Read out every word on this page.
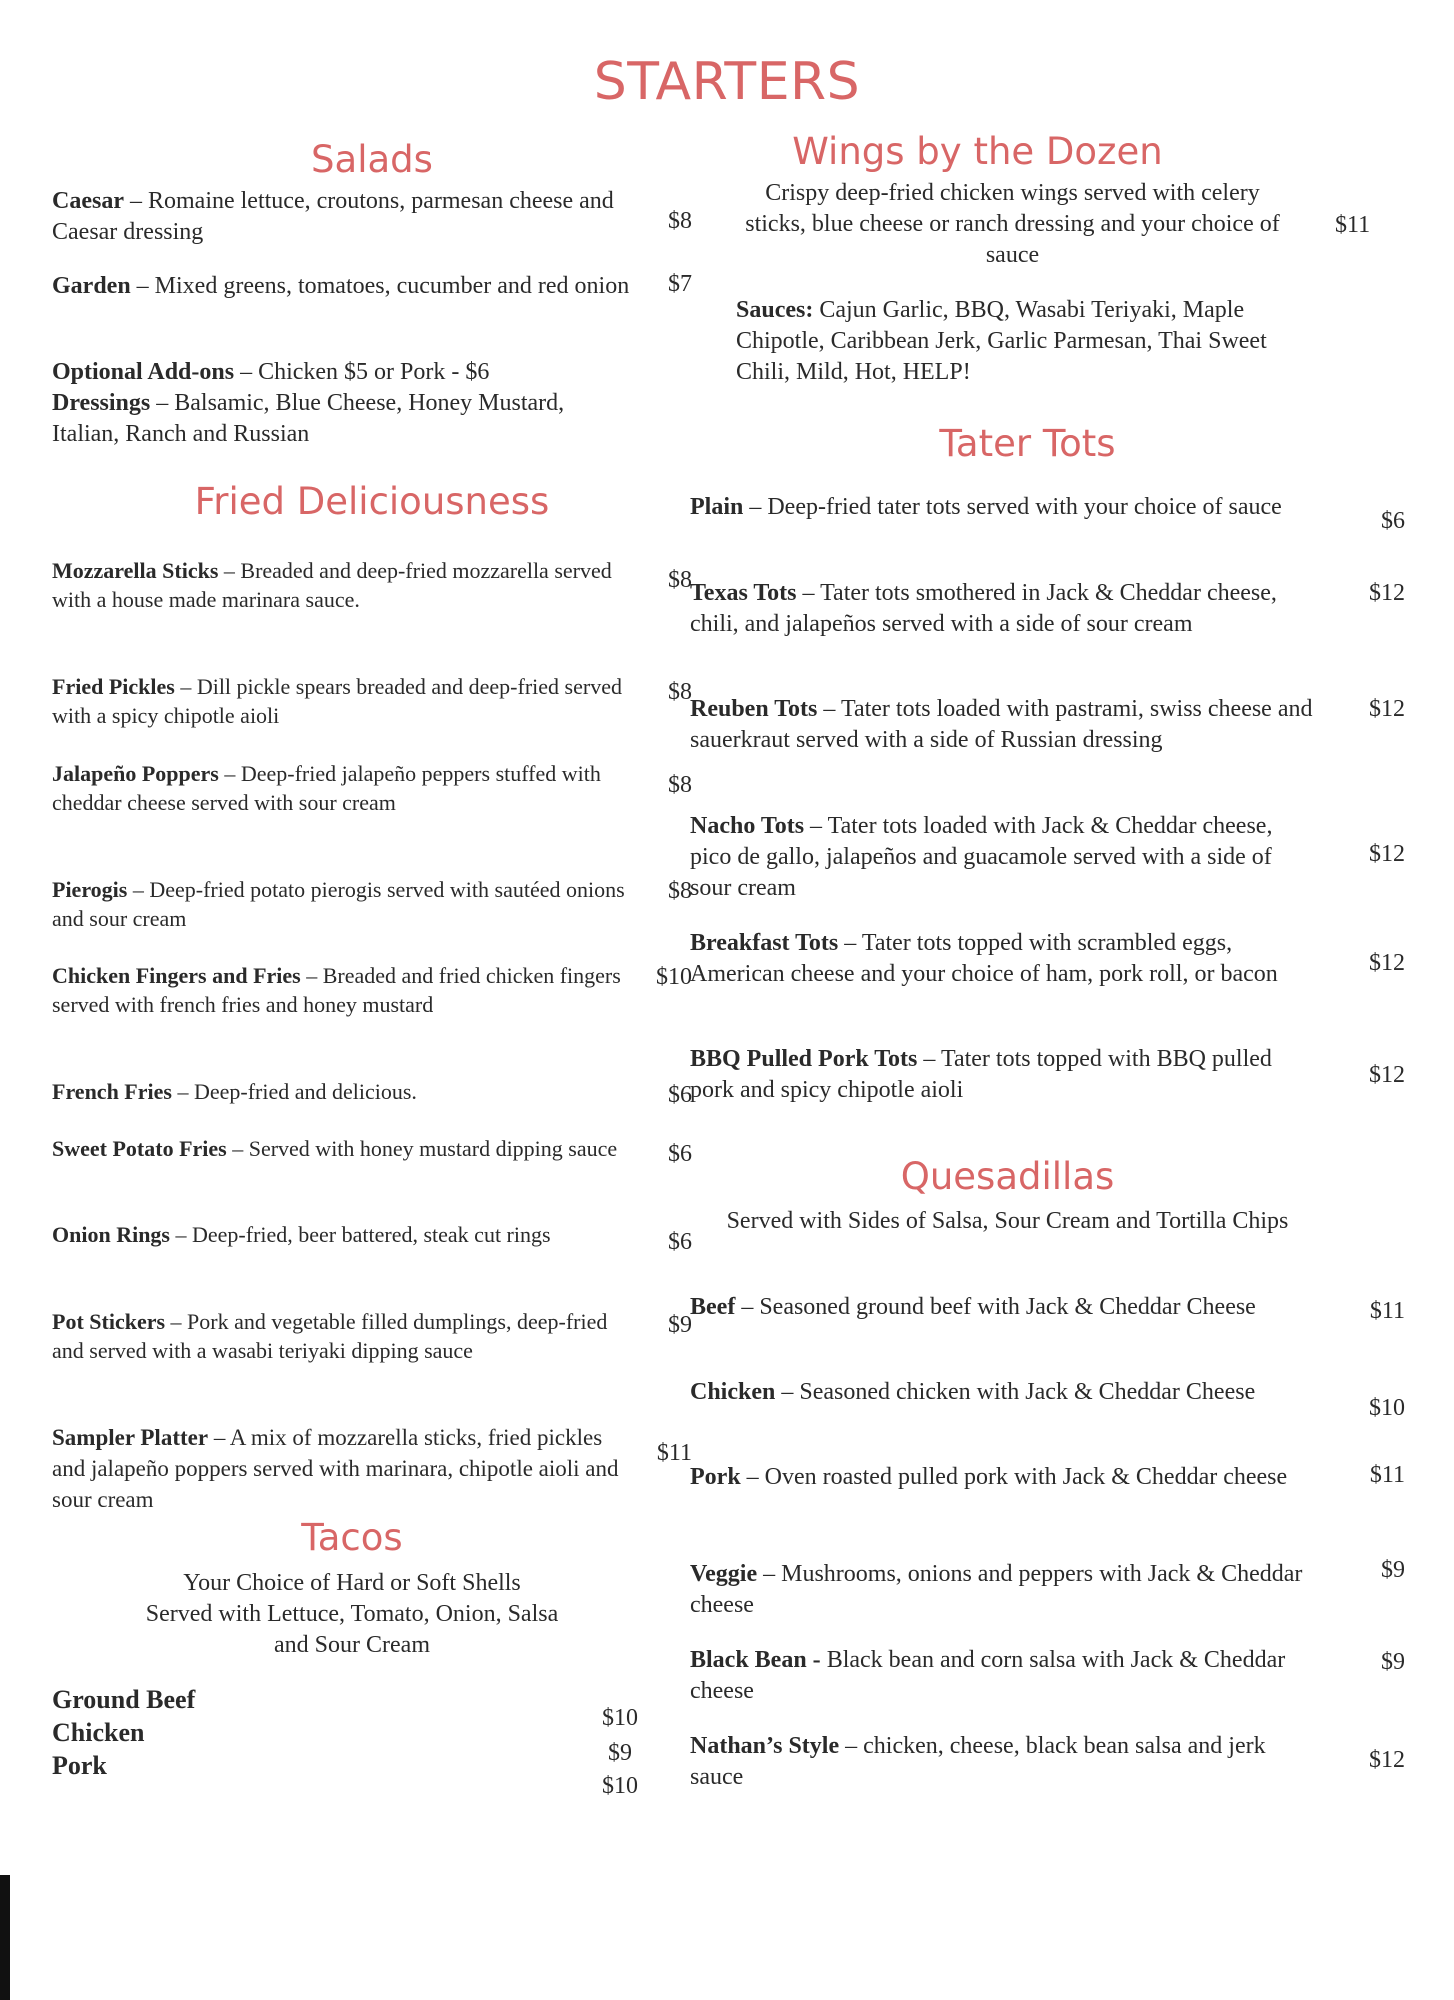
STARTERS
Salads
Caesar – Romaine lettuce, croutons, parmesan cheese and Caesar dressing	$8
Garden – Mixed greens, tomatoes, cucumber and red onion	$7
Optional Add-ons – Chicken $5 or Pork - $6
Dressings – Balsamic, Blue Cheese, Honey Mustard, Italian, Ranch and Russian
Fried Deliciousness
Mozzarella Sticks – Breaded and deep-fried mozzarella served with a house made marinara sauce.
$8
Fried Pickles – Dill pickle spears breaded and deep-fried served with a spicy chipotle aioli
$8
Jalapeño Poppers – Deep-fried jalapeño peppers stuffed with cheddar cheese served with sour cream
$8
Pierogis – Deep-fried potato pierogis served with sautéed onions and sour cream
$8
Chicken Fingers and Fries – Breaded and fried chicken fingers served with french fries and honey mustard
$10
French Fries – Deep-fried and delicious.	$6
Sweet Potato Fries – Served with honey mustard dipping sauce	$6
Onion Rings – Deep-fried, beer battered, steak cut rings	$6
Pot Stickers – Pork and vegetable filled dumplings, deep-fried and served with a wasabi teriyaki dipping sauce
$9
Sampler Platter – A mix of mozzarella sticks, fried pickles and jalapeño poppers served with marinara, chipotle aioli and sour cream
$11
Tacos
Your Choice of Hard or Soft Shells
Served with Lettuce, Tomato, Onion, Salsa
and Sour Cream
Ground Beef
$10
Chicken
$9
Pork
$10
Wings by the Dozen
Crispy deep-fried chicken wings served with celery sticks, blue cheese or ranch dressing and your choice of sauce
$11
Sauces: Cajun Garlic, BBQ, Wasabi Teriyaki, Maple Chipotle, Caribbean Jerk, Garlic Parmesan, Thai Sweet Chili, Mild, Hot, HELP!
Tater Tots
Plain – Deep-fried tater tots served with your choice of sauce
$6
Texas Tots – Tater tots smothered in Jack & Cheddar cheese, chili, and jalapeños served with a side of sour cream
$12
Reuben Tots – Tater tots loaded with pastrami, swiss cheese and sauerkraut served with a side of Russian dressing
$12
Nacho Tots – Tater tots loaded with Jack & Cheddar cheese, pico de gallo, jalapeños and guacamole served with a side of sour cream
$12
Breakfast Tots – Tater tots topped with scrambled eggs, American cheese and your choice of ham, pork roll, or bacon	$12
BBQ Pulled Pork Tots – Tater tots topped with BBQ pulled pork and spicy chipotle aioli
$12
Quesadillas
Served with Sides of Salsa, Sour Cream and Tortilla Chips
Beef – Seasoned ground beef with Jack & Cheddar Cheese	$11
Chicken – Seasoned chicken with Jack & Cheddar Cheese
$10
Pork – Oven roasted pulled pork with Jack & Cheddar cheese	$11
Veggie – Mushrooms, onions and peppers with Jack & Cheddar cheese
$9
Black Bean - Black bean and corn salsa with Jack & Cheddar cheese
$9
Nathan’s Style – chicken, cheese, black bean salsa and jerk sauce
$12
